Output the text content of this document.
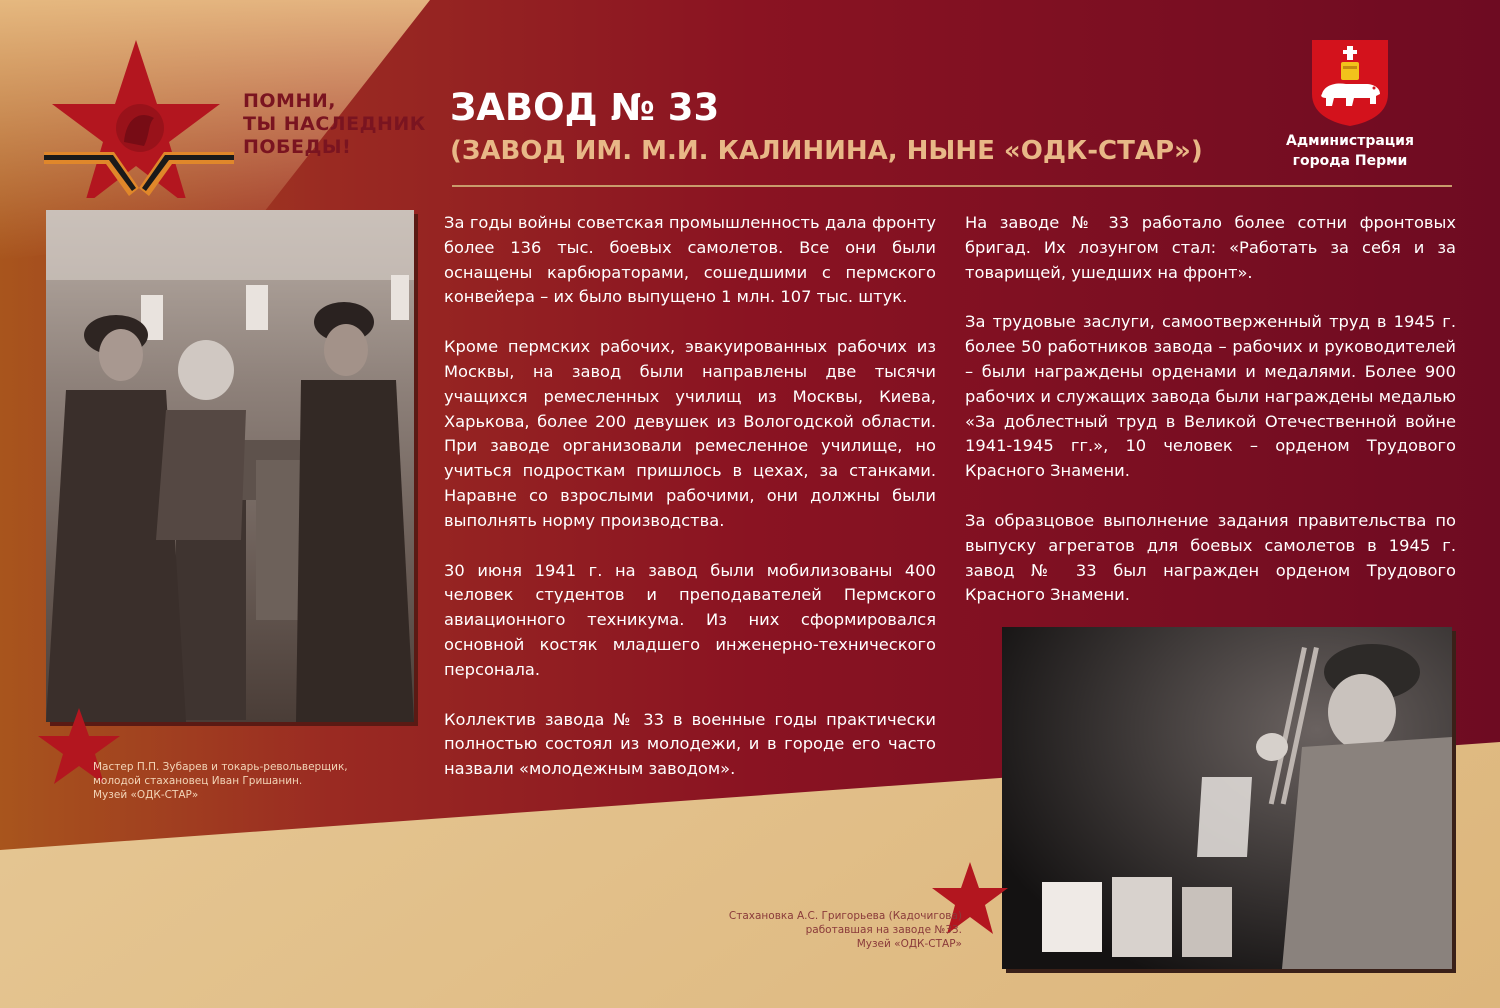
ПОМНИ,
ТЫ НАСЛЕДНИК
ПОБЕДЫ!
ЗАВОД № 33
(ЗАВОД ИМ. М.И. КАЛИНИНА, НЫНЕ «ОДК-СТАР»)	Администрация
города Перми
Мастер П.П. Зубарев и токарь-револьверщик,
молодой стахановец Иван Гришанин.
Музей «ОДК-СТАР»

За годы войны советская промышленность дала фронту более 136 тыс. боевых самолетов. Все они были оснащены карбюраторами, сошедшими с пермского конвейера – их было выпущено 1 млн. 107 тыс. штук.

Кроме пермских рабочих, эвакуированных рабочих из Москвы, на завод были направлены две тысячи учащихся ремесленных училищ из Москвы, Киева, Харькова, более 200 девушек из Вологодской области. При заводе организовали ремесленное училище, но учиться подросткам пришлось в цехах, за станками. Наравне со взрослыми рабочими, они должны были выполнять норму производства.

30 июня 1941 г. на завод были мобилизованы 400 человек студентов и преподавателей Пермского авиационного техникума. Из них сформировался основной костяк младшего инженерно-технического персонала.

Коллектив завода № 33 в военные годы практически полностью состоял из молодежи, и в городе его часто назвали «молодежным заводом».

На заводе № 33 работало более сотни фронтовых бригад. Их лозунгом стал: «Работать за себя и за товарищей, ушедших на фронт».

За трудовые заслуги, самоотверженный труд в 1945 г. более 50 работников завода – рабочих и руководителей – были награждены орденами и медалями. Более 900 рабочих и служащих завода были награждены медалью «За доблестный труд в Великой Отечественной войне 1941-1945 гг.», 10 человек – орденом Трудового Красного Знамени.

За образцовое выполнение задания правительства по выпуску агрегатов для боевых самолетов в 1945 г. завод № 33 был награжден орденом Трудового Красного Знамени.

Стахановка А.С. Григорьева (Кадочигова)
работавшая на заводе №33.
Музей «ОДК-СТАР»
